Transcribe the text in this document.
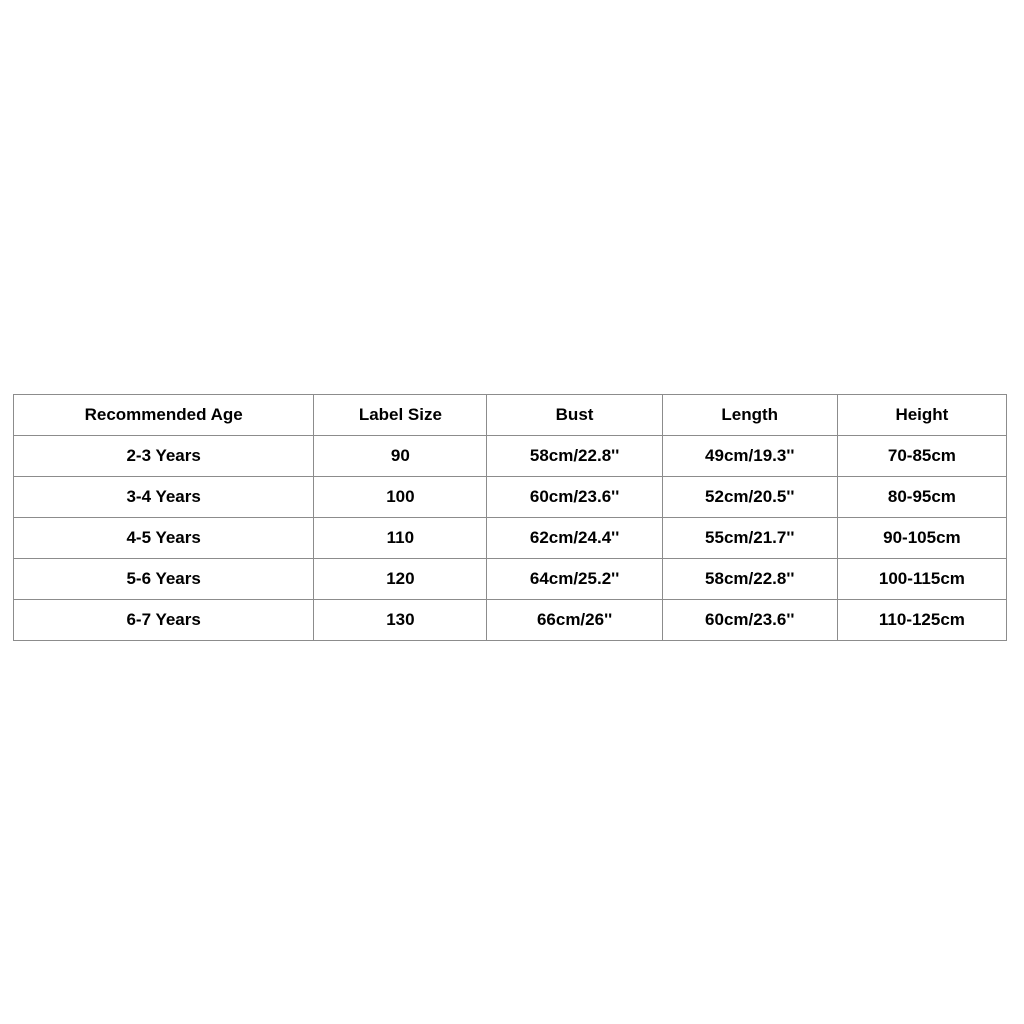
Recommended Age	Label Size	Bust	Length	Height
2-3 Years	90	58cm/22.8''	49cm/19.3''	70-85cm
3-4 Years	100	60cm/23.6''	52cm/20.5''	80-95cm
4-5 Years	110	62cm/24.4''	55cm/21.7''	90-105cm
5-6 Years	120	64cm/25.2''	58cm/22.8''	100-115cm
6-7 Years	130	66cm/26''	60cm/23.6''	110-125cm
